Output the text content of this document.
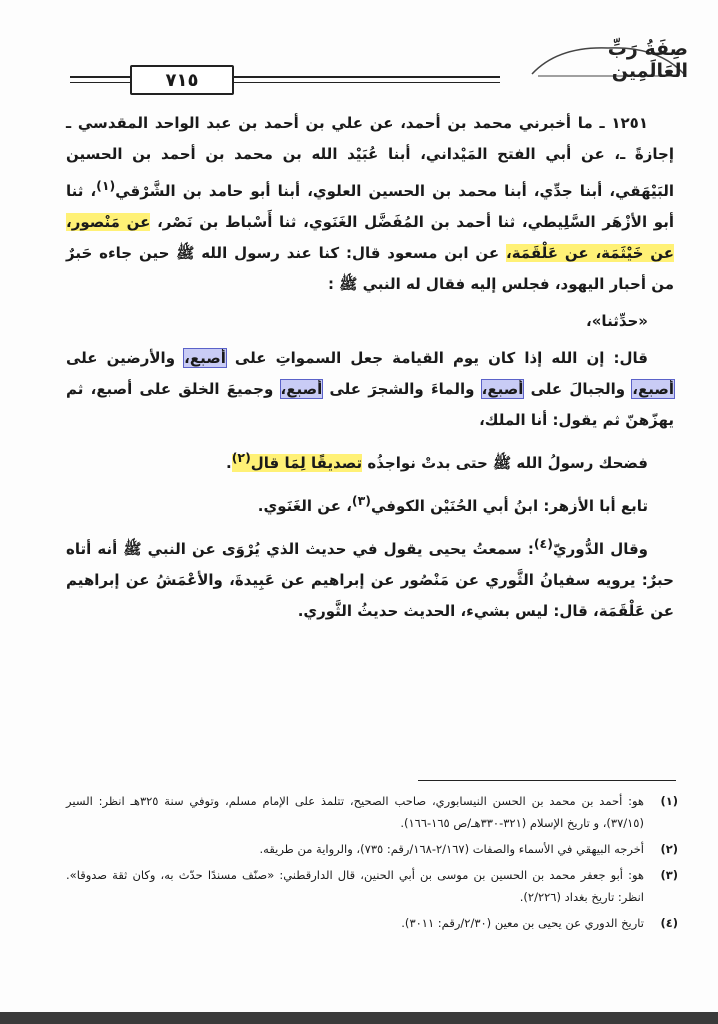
صِفَةُ رَبِّ العَالَمِين
٧١٥

١٢٥١ ـ ما أخبرني محمد بن أحمد، عن علي بن أحمد بن عبد الواحد المقدسي ـ إجازةً ـ، عن أبي الفتح المَيْداني، أبنا عُبَيْد الله بن محمد بن أحمد بن الحسين البَيْهَقي، أبنا جدِّي، أبنا محمد بن الحسين العلوي، أبنا أبو حامد بن الشَّرْقي$^{(١)}$، ثنا أبو الأزْهَر السَّلِيطي، ثنا أحمد بن المُفَضَّل الغَنَوي، ثنا أَسْباط بن نَصْر، عن مَنْصور، عن خَيْثَمَة، عن عَلْقَمَة، عن ابن مسعود قال: كنا عند رسول الله ﷺ حين جاءه حَبرٌ من أحبار اليهود، فجلس إليه فقال له النبي ﷺ :

«حدِّثنا»،

قال: إن الله إذا كان يوم القيامة جعل السمواتِ على أصبع، والأرضين على أصبع، والجبالَ على أصبع، والماءَ والشجرَ على أصبع، وجميعَ الخلق على أصبع، ثم يهزّهنّ ثم يقول: أنا الملك،

فضحك رسولُ الله ﷺ حتى بدتْ نواجذُه تصديقًا لِمَا قال$^{(٢)}$.

تابع أبا الأزهر: ابنُ أبي الحُنَيْن الكوفي$^{(٣)}$، عن الغَنَوي.

وقال الدُّوريّ$^{(٤)}$: سمعتُ يحيى يقول في حديث الذي يُرْوَى عن النبي ﷺ أنه أتاه حبرٌ: يرويه سفيانُ الثَّوري عن مَنْصُور عن إبراهيم عن عَبِيدةَ، والأعْمَشُ عن إبراهيم عن عَلْقَمَة، قال: ليس بشيء، الحديث حديثُ الثَّوري.

(١)
هو: أحمد بن محمد بن الحسن النيسابوري، صاحب الصحيح، تتلمذ على الإمام مسلم، وتوفي سنة ٣٢٥هـ انظر: السير (٣٧/١٥)، و تاريخ الإسلام (٣٢١-٣٣٠هـ/ص ١٦٥-١٦٦).
(٢)
أخرجه البيهقي في الأسماء والصفات (٢/١٦٧-١٦٨/رقم: ٧٣٥)، والرواية من طريقه.
(٣)
هو: أبو جعفر محمد بن الحسين بن موسى بن أبي الحنين، قال الدارقطني: «صنّف مسندًا حدّث به، وكان ثقة صدوقا». انظر: تاريخ بغداد (٢/٢٢٦).
(٤)
تاريخ الدوري عن يحيى بن معين (٢/٣٠/رقم: ٣٠١١).
